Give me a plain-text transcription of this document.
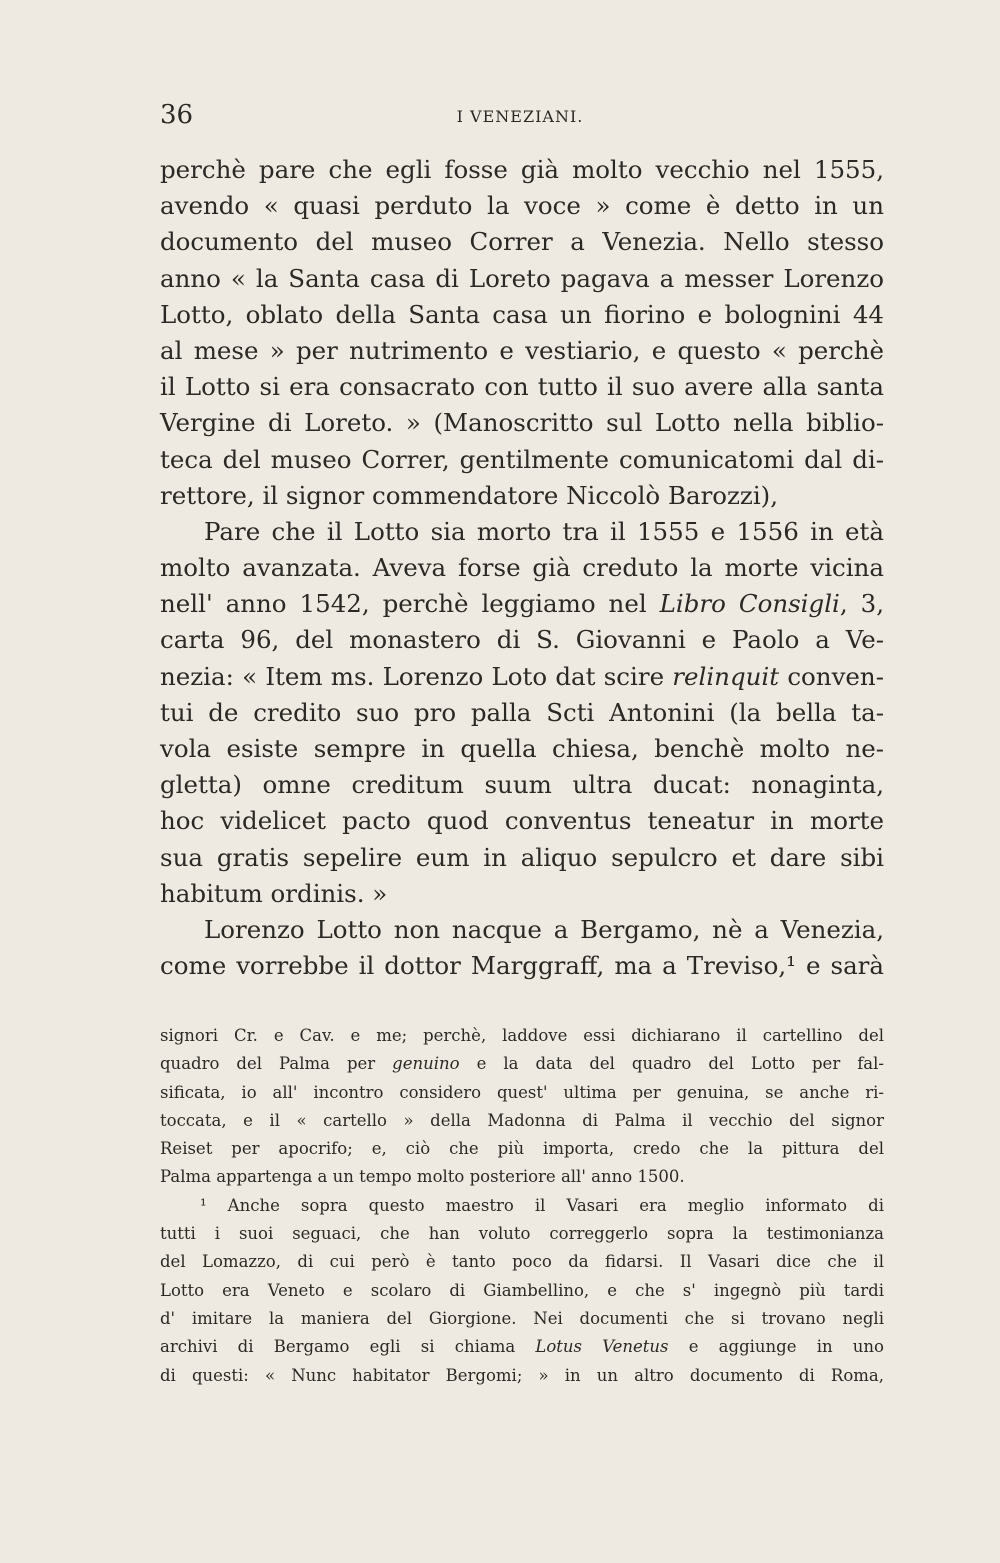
36	I VENEZIANI.
perchè pare che egli fosse già molto vecchio nel 1555,
avendo « quasi perduto la voce » come è detto in un
documento del museo Correr a Venezia. Nello stesso
anno « la Santa casa di Loreto pagava a messer Lorenzo
Lotto, oblato della Santa casa un fiorino e bolognini 44
al mese » per nutrimento e vestiario, e questo « perchè
il Lotto si era consacrato con tutto il suo avere alla santa
Vergine di Loreto. » (Manoscritto sul Lotto nella biblio-
teca del museo Correr, gentilmente comunicatomi dal di-
rettore, il signor commendatore Niccolò Barozzi),
Pare che il Lotto sia morto tra il 1555 e 1556 in età
molto avanzata. Aveva forse già creduto la morte vicina
nell' anno 1542, perchè leggiamo nel Libro Consigli, 3,
carta 96, del monastero di S. Giovanni e Paolo a Ve-
nezia: « Item ms. Lorenzo Loto dat scire relinquit conven-
tui de credito suo pro palla Scti Antonini (la bella ta-
vola esiste sempre in quella chiesa, benchè molto ne-
gletta) omne creditum suum ultra ducat: nonaginta,
hoc videlicet pacto quod conventus teneatur in morte
sua gratis sepelire eum in aliquo sepulcro et dare sibi
habitum ordinis. »
Lorenzo Lotto non nacque a Bergamo, nè a Venezia,
come vorrebbe il dottor Marggraff, ma a Treviso,¹ e sarà
signori Cr. e Cav. e me; perchè, laddove essi dichiarano il cartellino del
quadro del Palma per genuino e la data del quadro del Lotto per fal-
sificata, io all' incontro considero quest' ultima per genuina, se anche ri-
toccata, e il « cartello » della Madonna di Palma il vecchio del signor
Reiset per apocrifo; e, ciò che più importa, credo che la pittura del
Palma appartenga a un tempo molto posteriore all' anno 1500.
¹ Anche sopra questo maestro il Vasari era meglio informato di
tutti i suoi seguaci, che han voluto correggerlo sopra la testimonianza
del Lomazzo, di cui però è tanto poco da fidarsi. Il Vasari dice che il
Lotto era Veneto e scolaro di Giambellino, e che s' ingegnò più tardi
d' imitare la maniera del Giorgione. Nei documenti che si trovano negli
archivi di Bergamo egli si chiama Lotus Venetus e aggiunge in uno
di questi: « Nunc habitator Bergomi; » in un altro documento di Roma,
